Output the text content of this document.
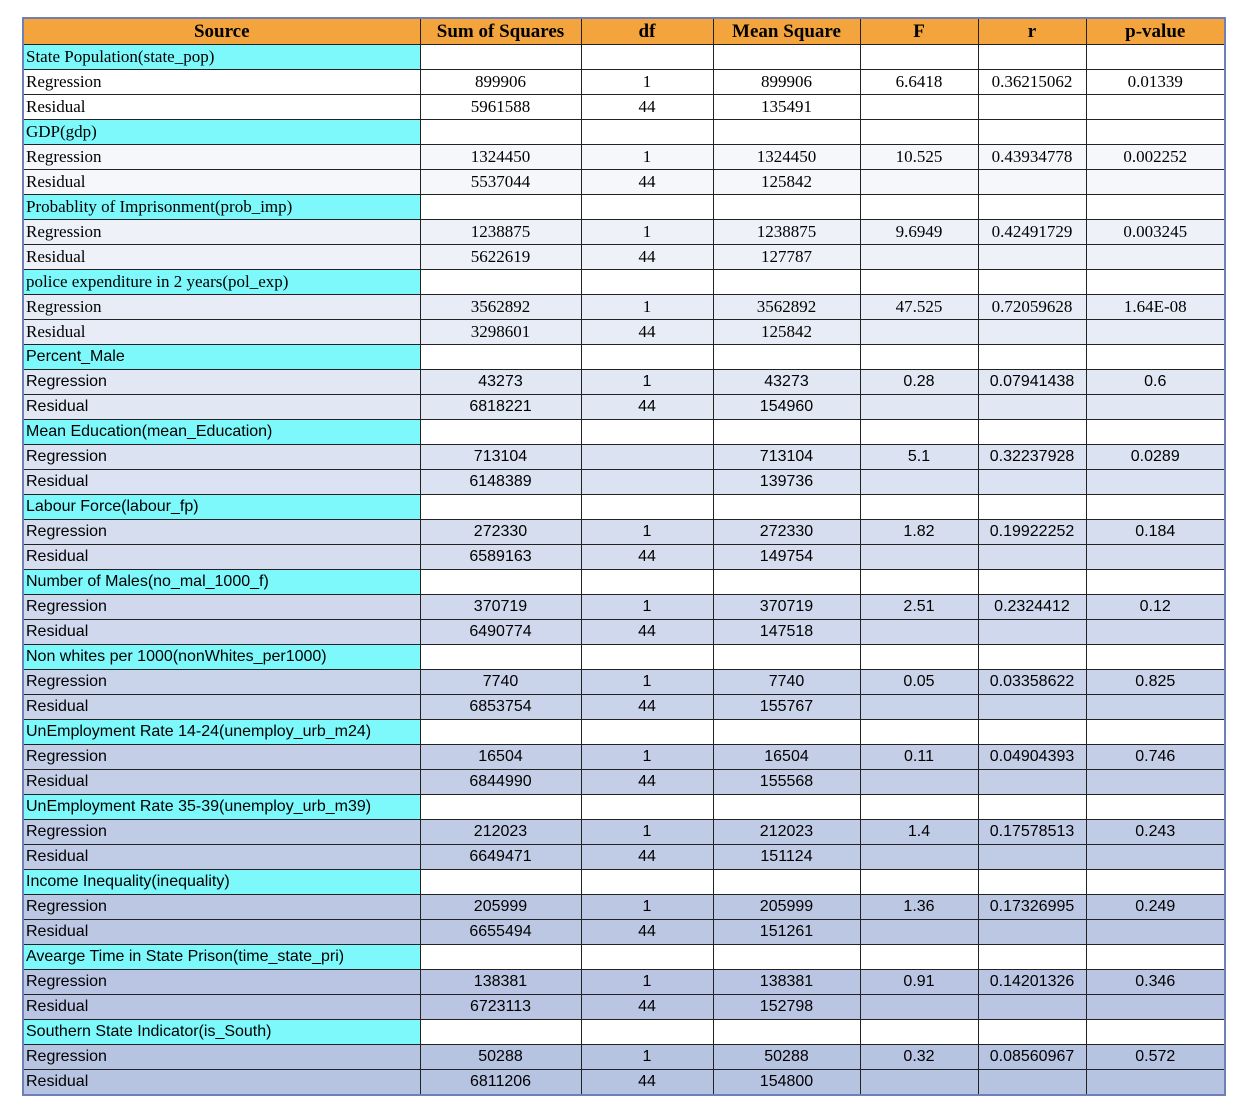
Source	Sum of Squares	df	Mean Square	F	r	p-value
State Population(state_pop)						
Regression	899906	1	899906	6.6418	0.36215062	0.01339
Residual	5961588	44	135491			
GDP(gdp)						
Regression	1324450	1	1324450	10.525	0.43934778	0.002252
Residual	5537044	44	125842			
Probablity of Imprisonment(prob_imp)						
Regression	1238875	1	1238875	9.6949	0.42491729	0.003245
Residual	5622619	44	127787			
police expenditure in 2 years(pol_exp)						
Regression	3562892	1	3562892	47.525	0.72059628	1.64E-08
Residual	3298601	44	125842			
Percent_Male						
Regression	43273	1	43273	0.28	0.07941438	0.6
Residual	6818221	44	154960			
Mean Education(mean_Education)						
Regression	713104		713104	5.1	0.32237928	0.0289
Residual	6148389		139736			
Labour Force(labour_fp)						
Regression	272330	1	272330	1.82	0.19922252	0.184
Residual	6589163	44	149754			
Number of Males(no_mal_1000_f)						
Regression	370719	1	370719	2.51	0.2324412	0.12
Residual	6490774	44	147518			
Non whites per 1000(nonWhites_per1000)						
Regression	7740	1	7740	0.05	0.03358622	0.825
Residual	6853754	44	155767			
UnEmployment Rate 14-24(unemploy_urb_m24)						
Regression	16504	1	16504	0.11	0.04904393	0.746
Residual	6844990	44	155568			
UnEmployment Rate 35-39(unemploy_urb_m39)						
Regression	212023	1	212023	1.4	0.17578513	0.243
Residual	6649471	44	151124			
Income Inequality(inequality)						
Regression	205999	1	205999	1.36	0.17326995	0.249
Residual	6655494	44	151261			
Avearge Time in State Prison(time_state_pri)						
Regression	138381	1	138381	0.91	0.14201326	0.346
Residual	6723113	44	152798			
Southern State Indicator(is_South)						
Regression	50288	1	50288	0.32	0.08560967	0.572
Residual	6811206	44	154800			
